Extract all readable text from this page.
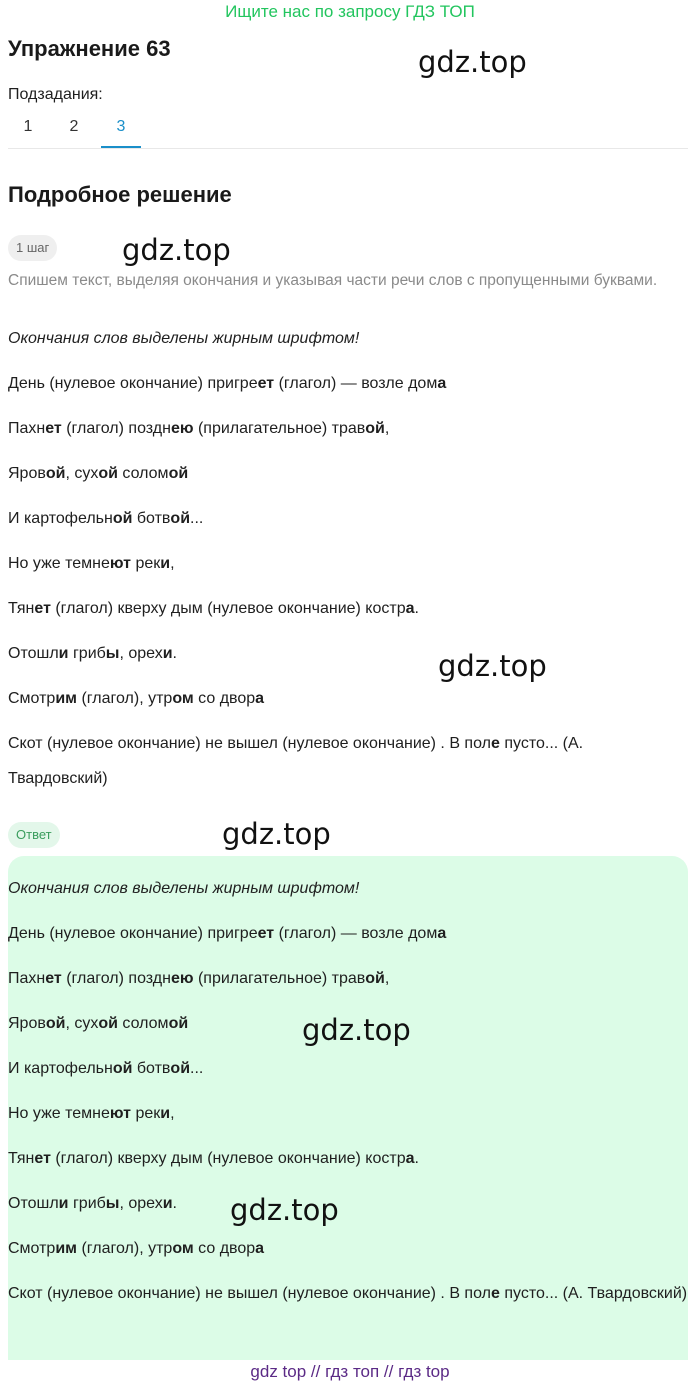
Ищите нас по запросу ГДЗ ТОП
Упражнение 63	gdz.top
Подзадания:
1	2	3
Подробное решение
1 шаг	gdz.top
Спишем текст, выделяя окончания и указывая части речи слов с пропущенными буквами.

Окончания слов выделены жирным шрифтом!

День (нулевое окончание) пригреет (глагол) — возле дома

Пахнет (глагол) позднею (прилагательное) травой,

Яровой, сухой соломой

И картофельной ботвой...

Но уже темнеют реки,

Тянет (глагол) кверху дым (нулевое окончание) костра.

Отошли грибы, орехи.

Смотрим (глагол), утром со двора

Скот (нулевое окончание) не вышел (нулевое окончание) . В поле пусто... (А. Твардовский)

gdz.top
Ответ	gdz.top

Окончания слов выделены жирным шрифтом!

День (нулевое окончание) пригреет (глагол) — возле дома

Пахнет (глагол) позднею (прилагательное) травой,

Яровой, сухой соломой

И картофельной ботвой...

Но уже темнеют реки,

Тянет (глагол) кверху дым (нулевое окончание) костра.

Отошли грибы, орехи.

Смотрим (глагол), утром со двора

Скот (нулевое окончание) не вышел (нулевое окончание) . В поле пусто... (А. Твардовский)

gdz.top
gdz.top
gdz top // гдз топ // гдз top
